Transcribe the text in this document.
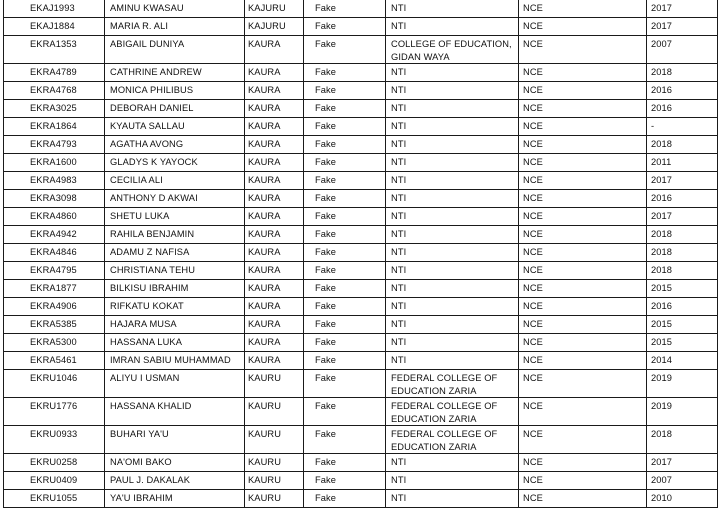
EKAJ1993	AMINU KWASAU	KAJURU	Fake	NTI	NCE	2017
EKAJ1884	MARIA R. ALI	KAJURU	Fake	NTI	NCE	2017
EKRA1353	ABIGAIL DUNIYA	KAURA	Fake	COLLEGE OF EDUCATION, GIDAN WAYA	NCE	2007
EKRA4789	CATHRINE ANDREW	KAURA	Fake	NTI	NCE	2018
EKRA4768	MONICA PHILIBUS	KAURA	Fake	NTI	NCE	2016
EKRA3025	DEBORAH DANIEL	KAURA	Fake	NTI	NCE	2016
EKRA1864	KYAUTA SALLAU	KAURA	Fake	NTI	NCE	-
EKRA4793	AGATHA AVONG	KAURA	Fake	NTI	NCE	2018
EKRA1600	GLADYS K YAYOCK	KAURA	Fake	NTI	NCE	2011
EKRA4983	CECILIA ALI	KAURA	Fake	NTI	NCE	2017
EKRA3098	ANTHONY D AKWAI	KAURA	Fake	NTI	NCE	2016
EKRA4860	SHETU LUKA	KAURA	Fake	NTI	NCE	2017
EKRA4942	RAHILA BENJAMIN	KAURA	Fake	NTI	NCE	2018
EKRA4846	ADAMU Z NAFISA	KAURA	Fake	NTI	NCE	2018
EKRA4795	CHRISTIANA TEHU	KAURA	Fake	NTI	NCE	2018
EKRA1877	BILKISU IBRAHIM	KAURA	Fake	NTI	NCE	2015
EKRA4906	RIFKATU KOKAT	KAURA	Fake	NTI	NCE	2016
EKRA5385	HAJARA MUSA	KAURA	Fake	NTI	NCE	2015
EKRA5300	HASSANA LUKA	KAURA	Fake	NTI	NCE	2015
EKRA5461	IMRAN SABIU MUHAMMAD	KAURA	Fake	NTI	NCE	2014
EKRU1046	ALIYU I USMAN	KAURU	Fake	FEDERAL COLLEGE OF EDUCATION ZARIA	NCE	2019
EKRU1776	HASSANA KHALID	KAURU	Fake	FEDERAL COLLEGE OF EDUCATION ZARIA	NCE	2019
EKRU0933	BUHARI YA'U	KAURU	Fake	FEDERAL COLLEGE OF EDUCATION ZARIA	NCE	2018
EKRU0258	NA'OMI BAKO	KAURU	Fake	NTI	NCE	2017
EKRU0409	PAUL J. DAKALAK	KAURU	Fake	NTI	NCE	2007
EKRU1055	YA'U IBRAHIM	KAURU	Fake	NTI	NCE	2010
